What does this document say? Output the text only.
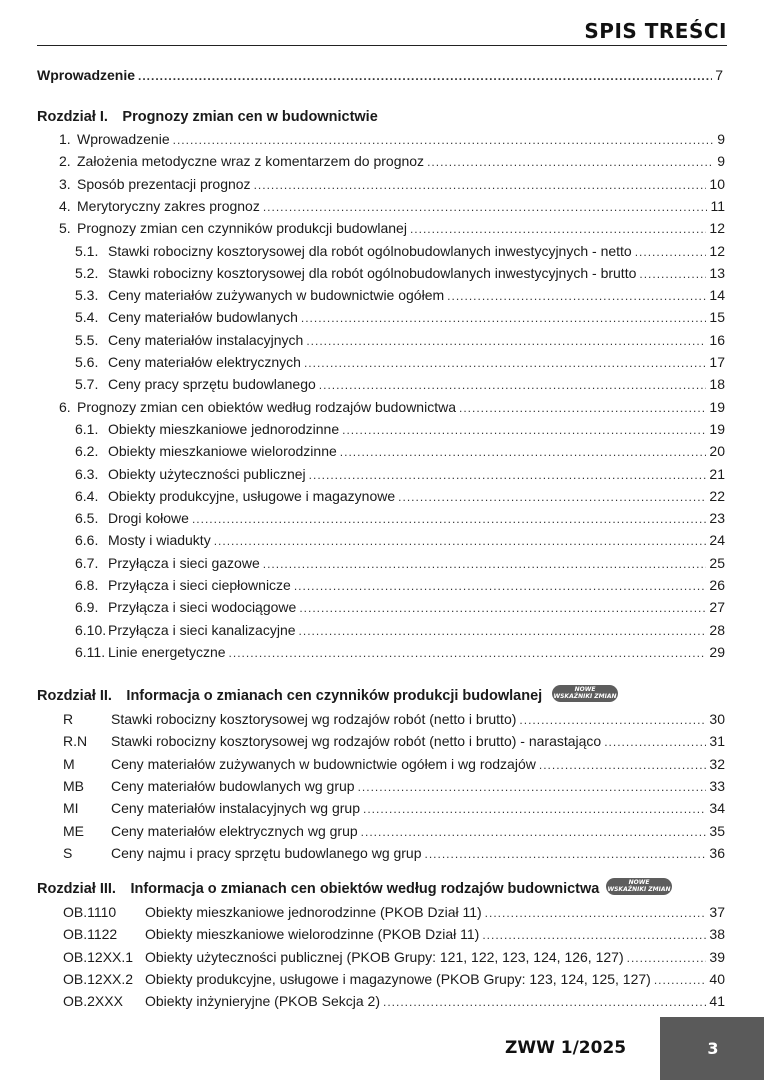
SPIS TREŚCI
Wprowadzenie .....	7
Rozdział I. Prognozy zmian cen w budownictwie
1. Wprowadzenie .....	9
2. Założenia metodyczne wraz z komentarzem do prognoz .....	9
3. Sposób prezentacji prognoz .....	10
4. Merytoryczny zakres prognoz .....	11
5. Prognozy zmian cen czynników produkcji budowlanej .....	12
5.1. Stawki robocizny kosztorysowej dla robót ogólnobudowlanych inwestycyjnych - netto .....	12
5.2. Stawki robocizny kosztorysowej dla robót ogólnobudowlanych inwestycyjnych - brutto .....	13
5.3. Ceny materiałów zużywanych w budownictwie ogółem .....	14
5.4. Ceny materiałów budowlanych .....	15
5.5. Ceny materiałów instalacyjnych .....	16
5.6. Ceny materiałów elektrycznych .....	17
5.7. Ceny pracy sprzętu budowlanego .....	18
6. Prognozy zmian cen obiektów według rodzajów budownictwa .....	19
6.1. Obiekty mieszkaniowe jednorodzinne .....	19
6.2. Obiekty mieszkaniowe wielorodzinne .....	20
6.3. Obiekty użyteczności publicznej .....	21
6.4. Obiekty produkcyjne, usługowe i magazynowe .....	22
6.5. Drogi kołowe .....	23
6.6. Mosty i wiadukty .....	24
6.7. Przyłącza i sieci gazowe .....	25
6.8. Przyłącza i sieci ciepłownicze .....	26
6.9. Przyłącza i sieci wodociągowe .....	27
6.10. Przyłącza i sieci kanalizacyjne .....	28
6.11. Linie energetyczne .....	29
Rozdział II. Informacja o zmianach cen czynników produkcji budowlanej	NOWE
WSKAŹNIKI ZMIAN
R	Stawki robocizny kosztorysowej wg rodzajów robót (netto i brutto) .....	30
R.N	Stawki robocizny kosztorysowej wg rodzajów robót (netto i brutto) - narastająco .....	31
M	Ceny materiałów zużywanych w budownictwie ogółem i wg rodzajów .....	32
MB	Ceny materiałów budowlanych wg grup .....	33
MI	Ceny materiałów instalacyjnych wg grup .....	34
ME	Ceny materiałów elektrycznych wg grup .....	35
S	Ceny najmu i pracy sprzętu budowlanego wg grup .....	36
Rozdział III. Informacja o zmianach cen obiektów według rodzajów budownictwa	NOWE
WSKAŹNIKI ZMIAN
OB.1110	Obiekty mieszkaniowe jednorodzinne (PKOB Dział 11) .....	37
OB.1122	Obiekty mieszkaniowe wielorodzinne (PKOB Dział 11) .....	38
OB.12XX.1 Obiekty użyteczności publicznej (PKOB Grupy: 121, 122, 123, 124, 126, 127) .....	39
OB.12XX.2 Obiekty produkcyjne, usługowe i magazynowe (PKOB Grupy: 123, 124, 125, 127) .....	40
OB.2XXX	Obiekty inżynieryjne (PKOB Sekcja 2) .....	41
ZWW 1/2025	3
